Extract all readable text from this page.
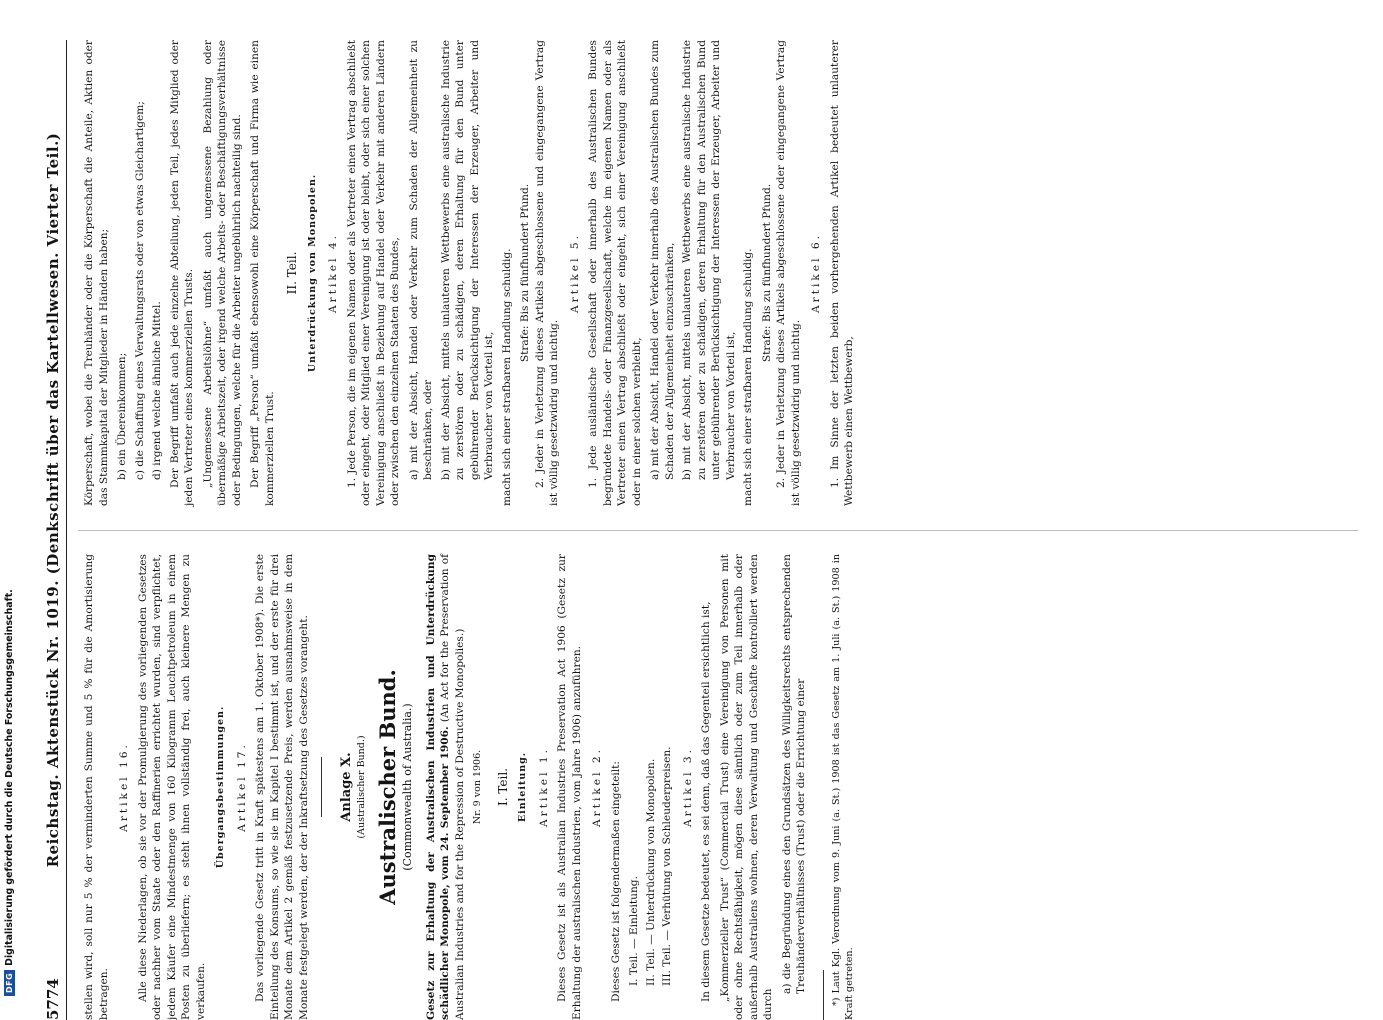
5774
Reichstag. Aktenstück Nr. 1019. (Denkschrift über das Kartellwesen. Vierter Teil.) stellen wird, soll nur 5 % der verminderten Summe und 5 % für die Amortisierung betragen.

Artikel 16. Alle diese Niederlagen, ob sie vor der Promulgierung des vorliegenden Gesetzes oder nachher vom Staate oder den Raffinerien errichtet wurden, sind verpflichtet, jedem Käufer eine Mindestmenge von 160 Kilogramm Leuchtpetroleum in einem Posten zu überliefern; es steht ihnen vollständig frei, auch kleinere Mengen zu verkaufen.

Übergangsbestimmungen. Artikel 17. Das vorliegende Gesetz tritt in Kraft spätestens am 1. Oktober 1908*). Die erste Einteilung des Konsums, so wie sie im Kapitel I bestimmt ist, und der erste für drei Monate dem Artikel 2 gemäß festzusetzende Preis, werden ausnahmsweise in dem Monate festgelegt werden, der der Inkraftsetzung des Gesetzes vorangeht. Anlage X. (Australischer Bund.) Australischer Bund. (Commonwealth of Australia.) Gesetz zur Erhaltung der Australischen Industrien und Unterdrückung schädlicher Monopole, vom 24. September 1906. (An Act for the Preservation of Australian Industries and for the Repression of Destructive Monopolies.) Nr. 9 von 1906. I. Teil. Einleitung. Artikel 1. Dieses Gesetz ist als Australian Industries Preservation Act 1906 (Gesetz zur Erhaltung der australischen Industrien, vom Jahre 1906) anzuführen. Artikel 2. Dieses Gesetz ist folgendermaßen eingeteilt: I. Teil. — Einleitung. II. Teil. — Unterdrückung von Monopolen. III. Teil. — Verhütung von Schleuderpreisen. Artikel 3. In diesem Gesetze bedeutet, es sei denn, daß das Gegenteil ersichtlich ist, „Kommerzieller Trust“ (Commercial Trust) eine Vereinigung von Personen mit oder ohne Rechtsfähigkeit, mögen diese sämtlich oder zum Teil innerhalb oder außerhalb Australiens wohnen, deren Verwaltung und Geschäfte kontrolliert werden durch

a) die Begründung eines den Grundsätzen des Willigkeitsrechts entsprechenden Treuhänderverhältnisses (Trust) oder die Errichtung einer *) Laut Kgl. Verordnung vom 9. Juni (a. St.) 1908 ist das Gesetz am 1. Juli (a. St.) 1908 in Kraft getreten.

Körperschaft, wobei die Treuhänder oder die Körperschaft die Anteile, Aktien oder das Stammkapital der Mitglieder in Händen haben; b) ein Übereinkommen; c) die Schaffung eines Verwaltungsrats oder von etwas Gleichartigem; d) irgend welche ähnliche Mittel. Der Begriff umfaßt auch jede einzelne Abteilung, jeden Teil, jedes Mitglied oder jeden Vertreter eines kommerziellen Trusts. „Ungemessene Arbeitslöhne“ umfaßt auch ungemessene Bezahlung oder übermäßige Arbeitszeit, oder irgend welche Arbeits- oder Beschäftigungsverhältnisse oder Bedingungen, welche für die Arbeiter ungebührlich nachteilig sind. Der Begriff „Person“ umfaßt ebensowohl eine Körperschaft und Firma wie einen kommerziellen Trust.

II. Teil. Unterdrückung von Monopolen. Artikel 4. 1. Jede Person, die im eigenen Namen oder als Vertreter einen Vertrag abschließt oder eingeht, oder Mitglied einer Vereinigung ist oder bleibt, oder sich einer solchen Vereinigung anschließt in Beziehung auf Handel oder Verkehr mit anderen Ländern oder zwischen den einzelnen Staaten des Bundes, a) mit der Absicht, Handel oder Verkehr zum Schaden der Allgemeinheit zu beschränken, oder b) mit der Absicht, mittels unlauteren Wettbewerbs eine australische Industrie zu zerstören oder zu schädigen, deren Erhaltung für den Bund unter gebührender Berücksichtigung der Interessen der Erzeuger, Arbeiter und Verbraucher von Vorteil ist, macht sich einer strafbaren Handlung schuldig. Strafe: Bis zu fünfhundert Pfund. 2. Jeder in Verletzung dieses Artikels abgeschlossene und eingegangene Vertrag ist völlig gesetzwidrig und nichtig.

Artikel 5. 1. Jede ausländische Gesellschaft oder innerhalb des Australischen Bundes begründete Handels- oder Finanzgesellschaft, welche im eigenen Namen oder als Vertreter einen Vertrag abschließt oder eingeht, sich einer Vereinigung anschließt oder in einer solchen verbleibt, a) mit der Absicht, Handel oder Verkehr innerhalb des Australischen Bundes zum Schaden der Allgemeinheit einzuschränken, b) mit der Absicht, mittels unlauteren Wettbewerbs eine australische Industrie zu zerstören oder zu schädigen, deren Erhaltung für den Australischen Bund unter gebührender Berücksichtigung der Interessen der Erzeuger, Arbeiter und Verbraucher von Vorteil ist, macht sich einer strafbaren Handlung schuldig. Strafe: Bis zu fünfhundert Pfund. 2. Jeder in Verletzung dieses Artikels abgeschlossene oder eingegangene Vertrag ist völlig gesetzwidrig und nichtig.

Artikel 6. 1. Im Sinne der letzten beiden vorhergehenden Artikel bedeutet unlauterer Wettbewerb einen Wettbewerb,

DFG
Digitalisierung gefördert durch die Deutsche Forschungsgemeinschaft.
